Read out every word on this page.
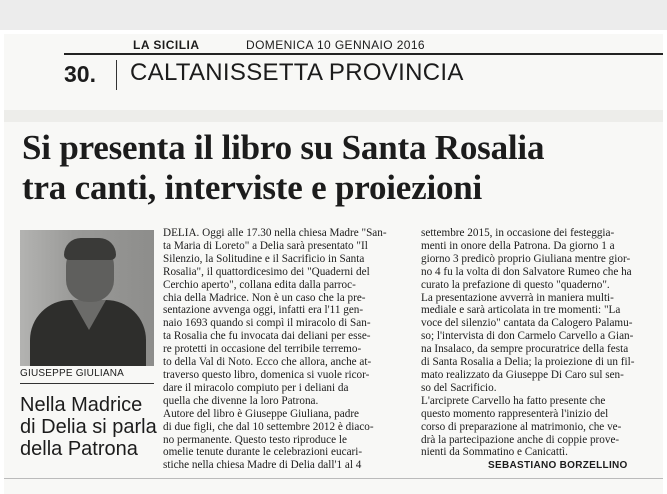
LA SICILIA	DOMENICA 10 GENNAIO 2016
30. CALTANISSETTA PROVINCIA
Si presenta il libro su Santa Rosalia
tra canti, interviste e proiezioni
GIUSEPPE GIULIANA
Nella Madrice
di Delia si parla
della Patrona
DELIA. Oggi alle 17.30 nella chiesa Madre "San-
ta Maria di Loreto" a Delia sarà presentato "Il
Silenzio, la Solitudine e il Sacrificio in Santa
Rosalia", il quattordicesimo dei "Quaderni del
Cerchio aperto", collana edita dalla parroc-
chia della Madrice. Non è un caso che la pre-
sentazione avvenga oggi, infatti era l'11 gen-
naio 1693 quando si compì il miracolo di San-
ta Rosalia che fu invocata dai deliani per esse-
re protetti in occasione del terribile terremo-
to della Val di Noto. Ecco che allora, anche at-
traverso questo libro, domenica si vuole ricor-
dare il miracolo compiuto per i deliani da
quella che divenne la loro Patrona.
Autore del libro è Giuseppe Giuliana, padre
di due figli, che dal 10 settembre 2012 è diaco-
no permanente. Questo testo riproduce le
omelie tenute durante le celebrazioni eucari-
stiche nella chiesa Madre di Delia dall'1 al 4
settembre 2015, in occasione dei festeggia-
menti in onore della Patrona. Da giorno 1 a
giorno 3 predicò proprio Giuliana mentre gior-
no 4 fu la volta di don Salvatore Rumeo che ha
curato la prefazione di questo "quaderno".
La presentazione avverrà in maniera multi-
mediale e sarà articolata in tre momenti: "La
voce del silenzio" cantata da Calogero Palamu-
so; l'intervista di don Carmelo Carvello a Gian-
na Insalaco, da sempre procuratrice della festa
di Santa Rosalia a Delia; la proiezione di un fil-
mato realizzato da Giuseppe Di Caro sul sen-
so del Sacrificio.
L'arciprete Carvello ha fatto presente che
questo momento rappresenterà l'inizio del
corso di preparazione al matrimonio, che ve-
drà la partecipazione anche di coppie prove-
nienti da Sommatino e Canicattì.
SEBASTIANO BORZELLINO
